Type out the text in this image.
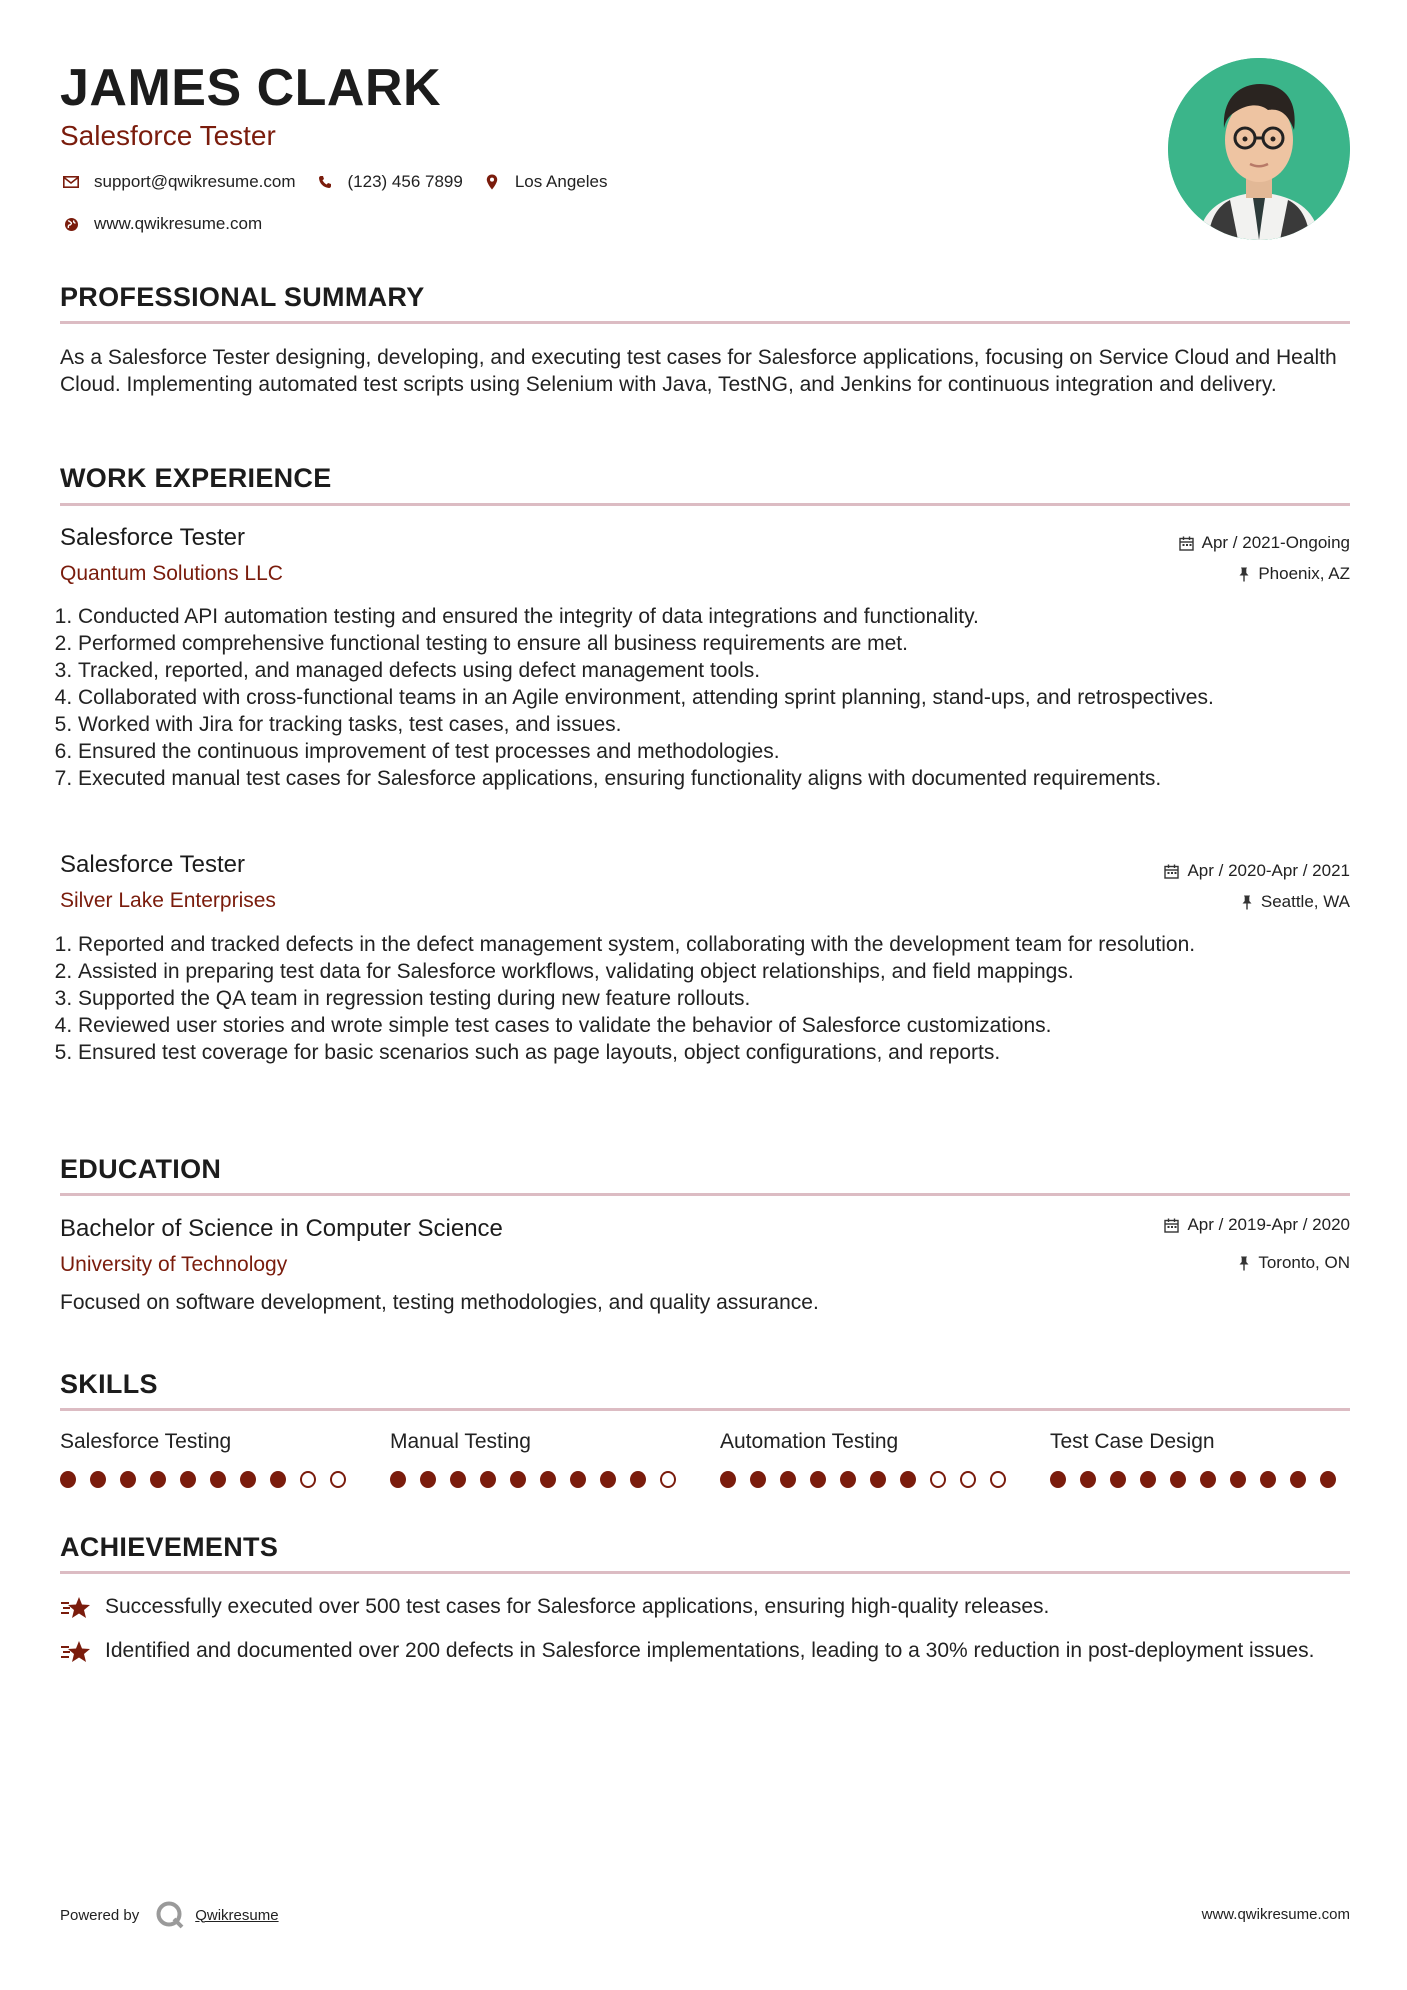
JAMES CLARK
Salesforce Tester
support@qwikresume.com	(123) 456 7899	Los Angeles
www.qwikresume.com
PROFESSIONAL SUMMARY
As a Salesforce Tester designing, developing, and executing test cases for Salesforce applications, focusing on Service Cloud and Health Cloud. Implementing automated test scripts using Selenium with Java, TestNG, and Jenkins for continuous integration and delivery.
WORK EXPERIENCE
Salesforce Tester
Quantum Solutions LLC
Apr / 2021-Ongoing
Phoenix, AZ
1. Conducted API automation testing and ensured the integrity of data integrations and functionality.
2. Performed comprehensive functional testing to ensure all business requirements are met.
3. Tracked, reported, and managed defects using defect management tools.
4. Collaborated with cross-functional teams in an Agile environment, attending sprint planning, stand-ups, and retrospectives.
5. Worked with Jira for tracking tasks, test cases, and issues.
6. Ensured the continuous improvement of test processes and methodologies.
7. Executed manual test cases for Salesforce applications, ensuring functionality aligns with documented requirements.
Salesforce Tester
Silver Lake Enterprises
Apr / 2020-Apr / 2021
Seattle, WA
1. Reported and tracked defects in the defect management system, collaborating with the development team for resolution.
2. Assisted in preparing test data for Salesforce workflows, validating object relationships, and field mappings.
3. Supported the QA team in regression testing during new feature rollouts.
4. Reviewed user stories and wrote simple test cases to validate the behavior of Salesforce customizations.
5. Ensured test coverage for basic scenarios such as page layouts, object configurations, and reports.
EDUCATION
Bachelor of Science in Computer Science
University of Technology
Apr / 2019-Apr / 2020
Toronto, ON
Focused on software development, testing methodologies, and quality assurance.
SKILLS
Salesforce Testing	Manual Testing	Automation Testing	Test Case Design
ACHIEVEMENTS
Successfully executed over 500 test cases for Salesforce applications, ensuring high-quality releases.
Identified and documented over 200 defects in Salesforce implementations, leading to a 30% reduction in post-deployment issues.
Powered by	Qwikresume	www.qwikresume.com
